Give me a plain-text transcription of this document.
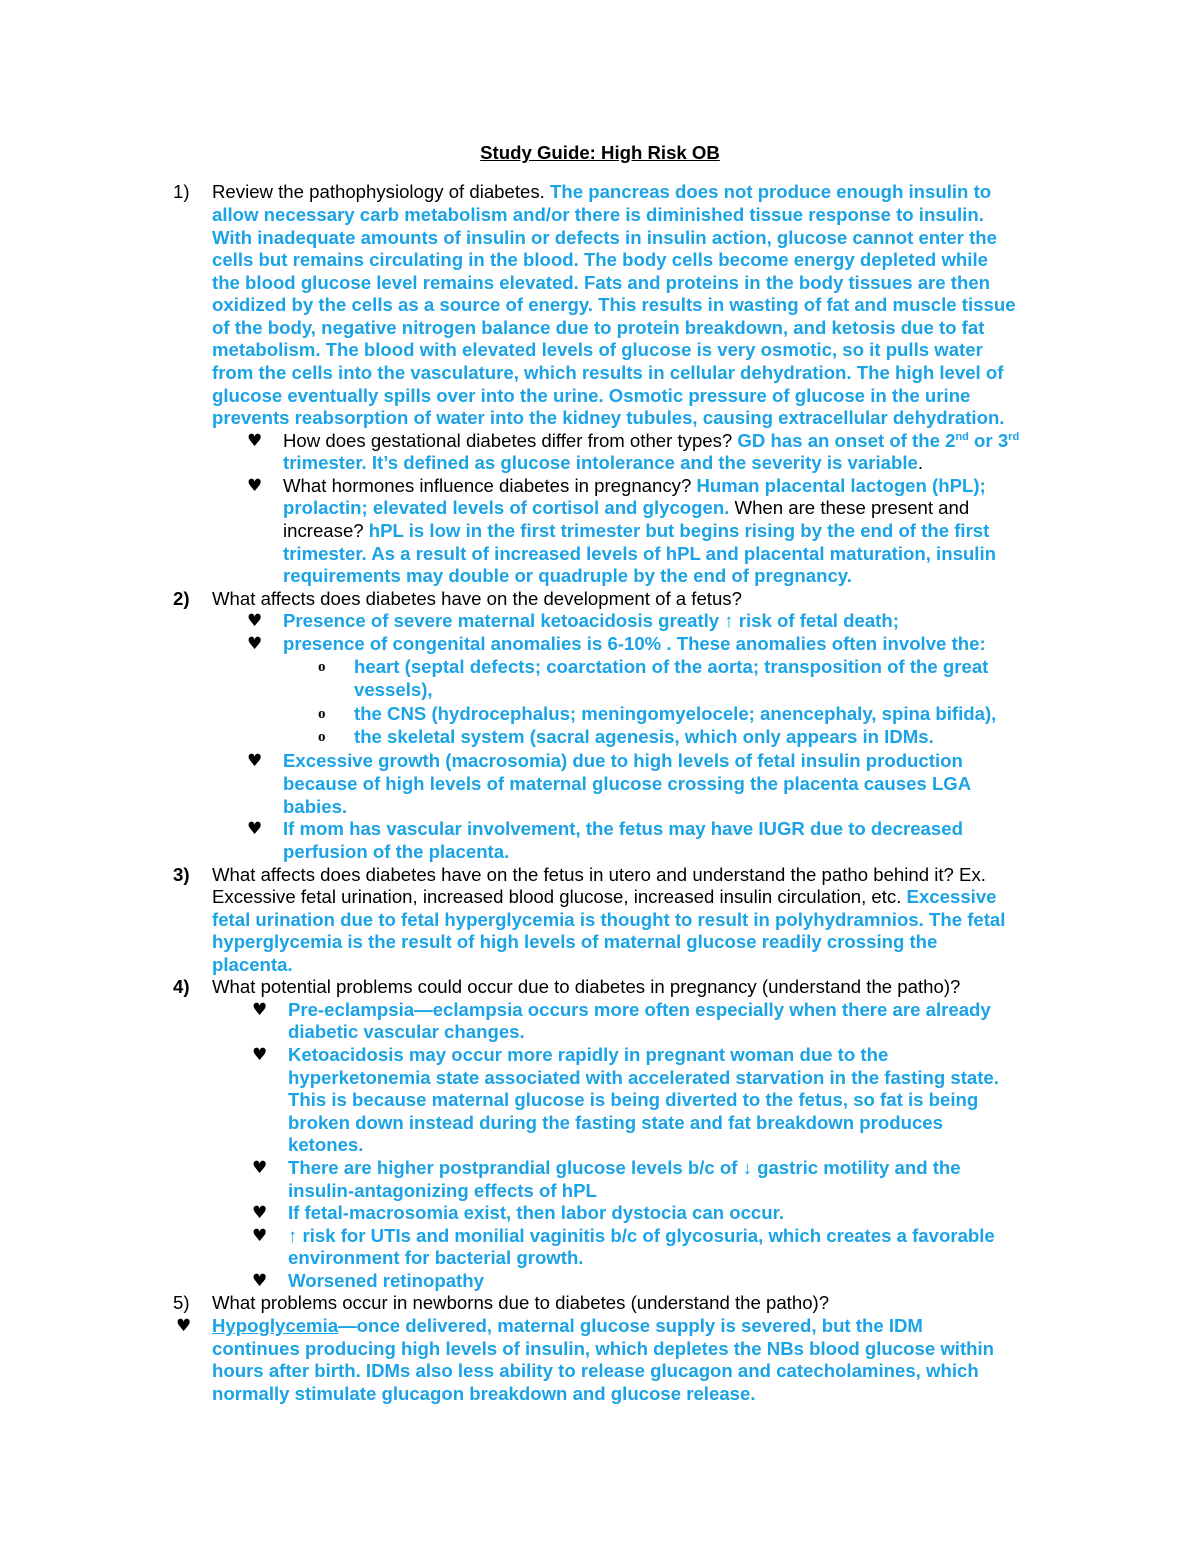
Study Guide: High Risk OB
1) Review the pathophysiology of diabetes. The pancreas does not produce enough insulin to
allow necessary carb metabolism and/or there is diminished tissue response to insulin.
With inadequate amounts of insulin or defects in insulin action, glucose cannot enter the
cells but remains circulating in the blood. The body cells become energy depleted while
the blood glucose level remains elevated. Fats and proteins in the body tissues are then
oxidized by the cells as a source of energy. This results in wasting of fat and muscle tissue
of the body, negative nitrogen balance due to protein breakdown, and ketosis due to fat
metabolism. The blood with elevated levels of glucose is very osmotic, so it pulls water
from the cells into the vasculature, which results in cellular dehydration. The high level of
glucose eventually spills over into the urine. Osmotic pressure of glucose in the urine
prevents reabsorption of water into the kidney tubules, causing extracellular dehydration.
♥ How does gestational diabetes differ from other types? GD has an onset of the 2nd or 3rd
trimester. It’s defined as glucose intolerance and the severity is variable.
♥ What hormones influence diabetes in pregnancy? Human placental lactogen (hPL);
prolactin; elevated levels of cortisol and glycogen. When are these present and
increase? hPL is low in the first trimester but begins rising by the end of the first
trimester. As a result of increased levels of hPL and placental maturation, insulin
requirements may double or quadruple by the end of pregnancy.
2) What affects does diabetes have on the development of a fetus?
♥ Presence of severe maternal ketoacidosis greatly ↑ risk of fetal death;
♥ presence of congenital anomalies is 6-10% . These anomalies often involve the:
o heart (septal defects; coarctation of the aorta; transposition of the great
vessels),
o the CNS (hydrocephalus; meningomyelocele; anencephaly, spina bifida),
o the skeletal system (sacral agenesis, which only appears in IDMs.
♥ Excessive growth (macrosomia) due to high levels of fetal insulin production
because of high levels of maternal glucose crossing the placenta causes LGA
babies.
♥ If mom has vascular involvement, the fetus may have IUGR due to decreased
perfusion of the placenta.
3) What affects does diabetes have on the fetus in utero and understand the patho behind it? Ex.
Excessive fetal urination, increased blood glucose, increased insulin circulation, etc. Excessive
fetal urination due to fetal hyperglycemia is thought to result in polyhydramnios. The fetal
hyperglycemia is the result of high levels of maternal glucose readily crossing the
placenta.
4) What potential problems could occur due to diabetes in pregnancy (understand the patho)?
♥ Pre-eclampsia—eclampsia occurs more often especially when there are already
diabetic vascular changes.
♥ Ketoacidosis may occur more rapidly in pregnant woman due to the
hyperketonemia state associated with accelerated starvation in the fasting state.
This is because maternal glucose is being diverted to the fetus, so fat is being
broken down instead during the fasting state and fat breakdown produces
ketones.
♥ There are higher postprandial glucose levels b/c of ↓ gastric motility and the
insulin-antagonizing effects of hPL
♥ If fetal-macrosomia exist, then labor dystocia can occur.
♥ ↑ risk for UTIs and monilial vaginitis b/c of glycosuria, which creates a favorable
environment for bacterial growth.
♥ Worsened retinopathy
5) What problems occur in newborns due to diabetes (understand the patho)?
♥ Hypoglycemia—once delivered, maternal glucose supply is severed, but the IDM
continues producing high levels of insulin, which depletes the NBs blood glucose within
hours after birth. IDMs also less ability to release glucagon and catecholamines, which
normally stimulate glucagon breakdown and glucose release.
